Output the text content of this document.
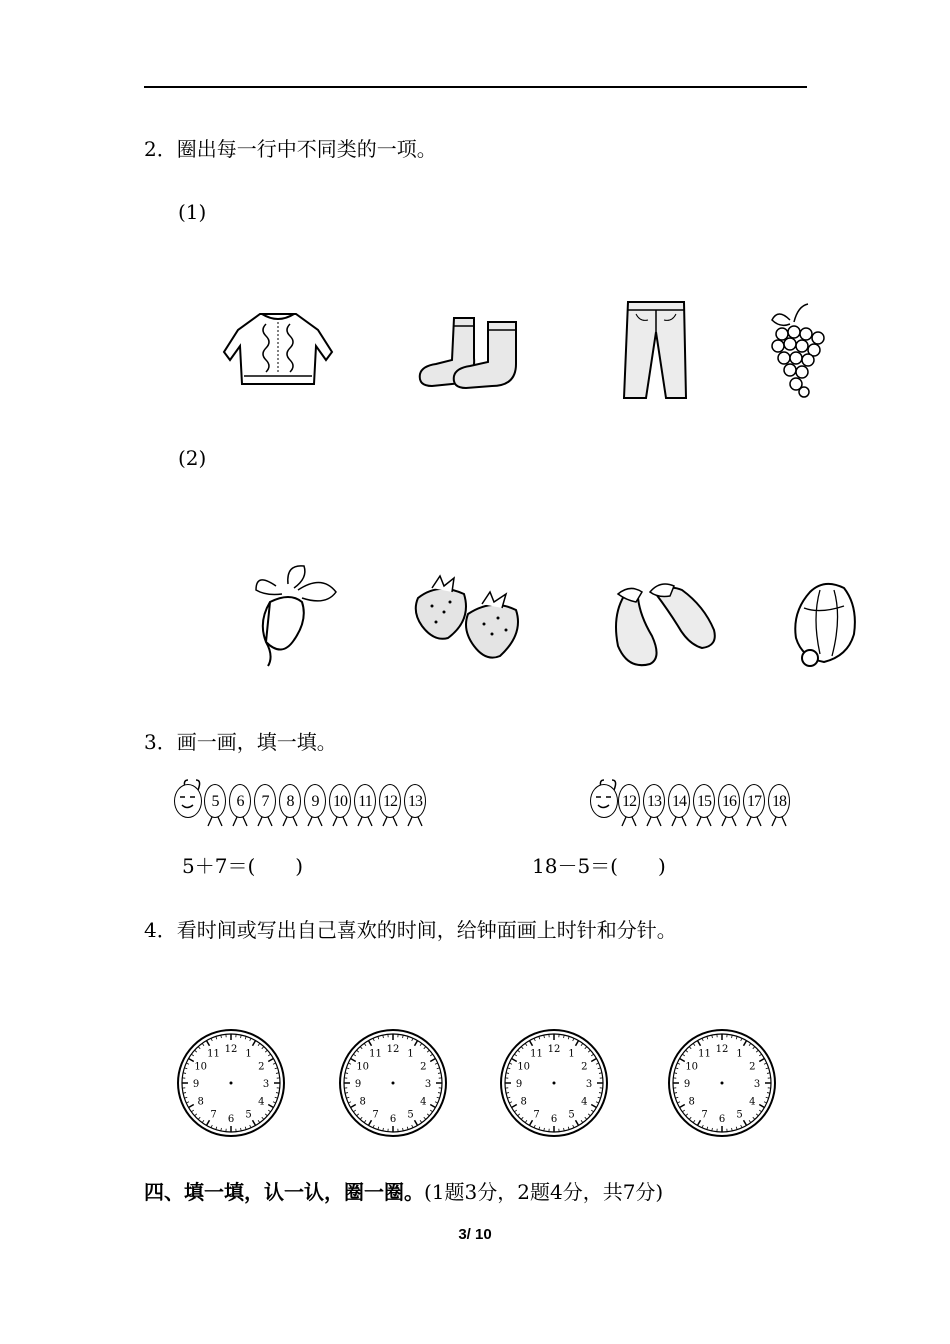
2．圈出每一行中不同类的一项。
(1)
(2)
3．画一画，填一填。
5	6	7	8	9 10 11 12 13	12 13 14 15 16 17 18
5＋7＝(　　)	18－5＝(　　)
4．看时间或写出自己喜欢的时间，给钟面画上时针和分针。
12 1
2
3
4
5
6
7
8
9
10
11	12 1
2
3
4
5
6
7
8
9
10
11	12 1
2
3
4
5
6
7
8
9
10
11	12 1
2
3
4
5
6
7
8
9
10
11
四、填一填，认一认，圈一圈。(1题3分，2题4分，共7分)
3/ 10
